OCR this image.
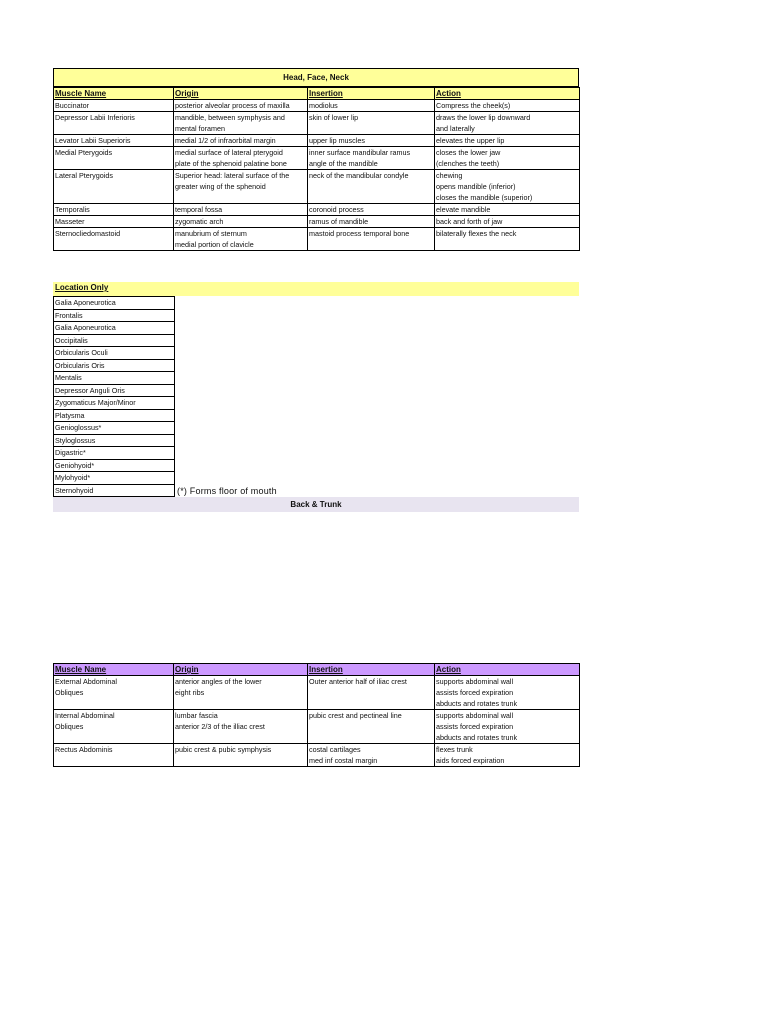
Head, Face, Neck
Muscle Name	Origin	Insertion	Action

Buccinator	posterior alveolar process of maxilla	modiolus	Compress the cheek(s)

Depressor Labii Inferioris	mandible, between symphysis and
mental foramen	skin of lower lip	draws the lower lip downward
and laterally

Levator Labii Superioris	medial 1/2 of infraorbital margin	upper lip muscles	elevates the upper lip

Medial Pterygoids	medial surface of lateral pterygoid
plate of the sphenoid palatine bone	inner surface mandibular ramus
angle of the mandible	closes the lower jaw
(clenches the teeth)

Lateral Pterygoids	Superior head: lateral surface of the
greater wing of the sphenoid	neck of the mandibular condyle	chewing
opens mandible (inferior)
closes the mandible (superior)

Temporalis	temporal fossa	coronoid process	elevate mandible

Masseter	zygomatic arch	ramus of mandible	back and forth of jaw

Sternocliedomastoid	manubrium of sternum
medial portion of clavicle	mastoid process temporal bone	bilaterally flexes the neck
Location Only
Galia Aponeurotica
Frontalis
Galia Aponeurotica
Occipitalis
Orbicularis Oculi
Orbicularis Oris
Mentalis
Depressor Anguli Oris
Zygomaticus Major/Minor
Platysma
Genioglossus*
Styloglossus
Digastric*
Geniohyoid*
Mylohyoid*
Sternohyoid	(*) Forms floor of mouth
Back & Trunk
Muscle Name	Origin	Insertion	Action

External Abdominal
Obliques	anterior angles of the lower
eight ribs	Outer anterior half of iliac crest	supports abdominal wall
assists forced expiration
abducts and rotates trunk

Internal Abdominal
Obliques	lumbar fascia
anterior 2/3 of the illiac crest	pubic crest and pectineal line	supports abdominal wall
assists forced expiration
abducts and rotates trunk

Rectus Abdominis	pubic crest & pubic symphysis	costal cartilages
med inf costal margin	flexes trunk
aids forced expiration
